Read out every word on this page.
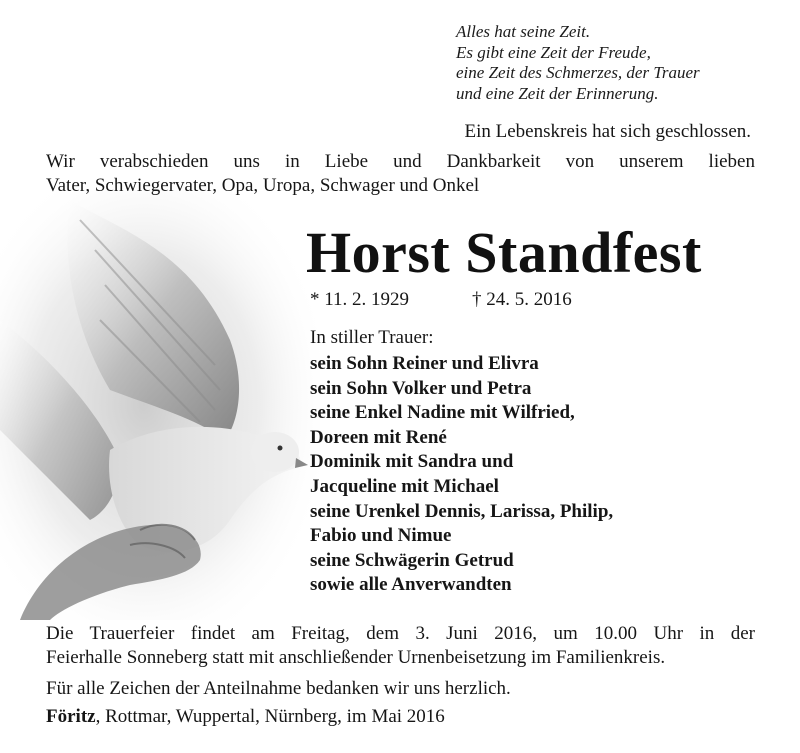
Alles hat seine Zeit.
Es gibt eine Zeit der Freude,
eine Zeit des Schmerzes, der Trauer
und eine Zeit der Erinnerung.
Ein Lebenskreis hat sich geschlossen.
Wir verabschieden uns in Liebe und Dankbarkeit von unserem lieben
Vater, Schwiegervater, Opa, Uropa, Schwager und Onkel
Horst Standfest
* 11. 2. 1929	† 24. 5. 2016
In stiller Trauer:
sein Sohn Reiner und Elivra
sein Sohn Volker und Petra
seine Enkel Nadine mit Wilfried,
Doreen mit René
Dominik mit Sandra und
Jacqueline mit Michael
seine Urenkel Dennis, Larissa, Philip,
Fabio und Nimue
seine Schwägerin Getrud
sowie alle Anverwandten
Die Trauerfeier findet am Freitag, dem 3. Juni 2016, um 10.00 Uhr in der
Feierhalle Sonneberg statt mit anschließender Urnenbeisetzung im Familienkreis.
Für alle Zeichen der Anteilnahme bedanken wir uns herzlich.
Föritz, Rottmar, Wuppertal, Nürnberg, im Mai 2016
